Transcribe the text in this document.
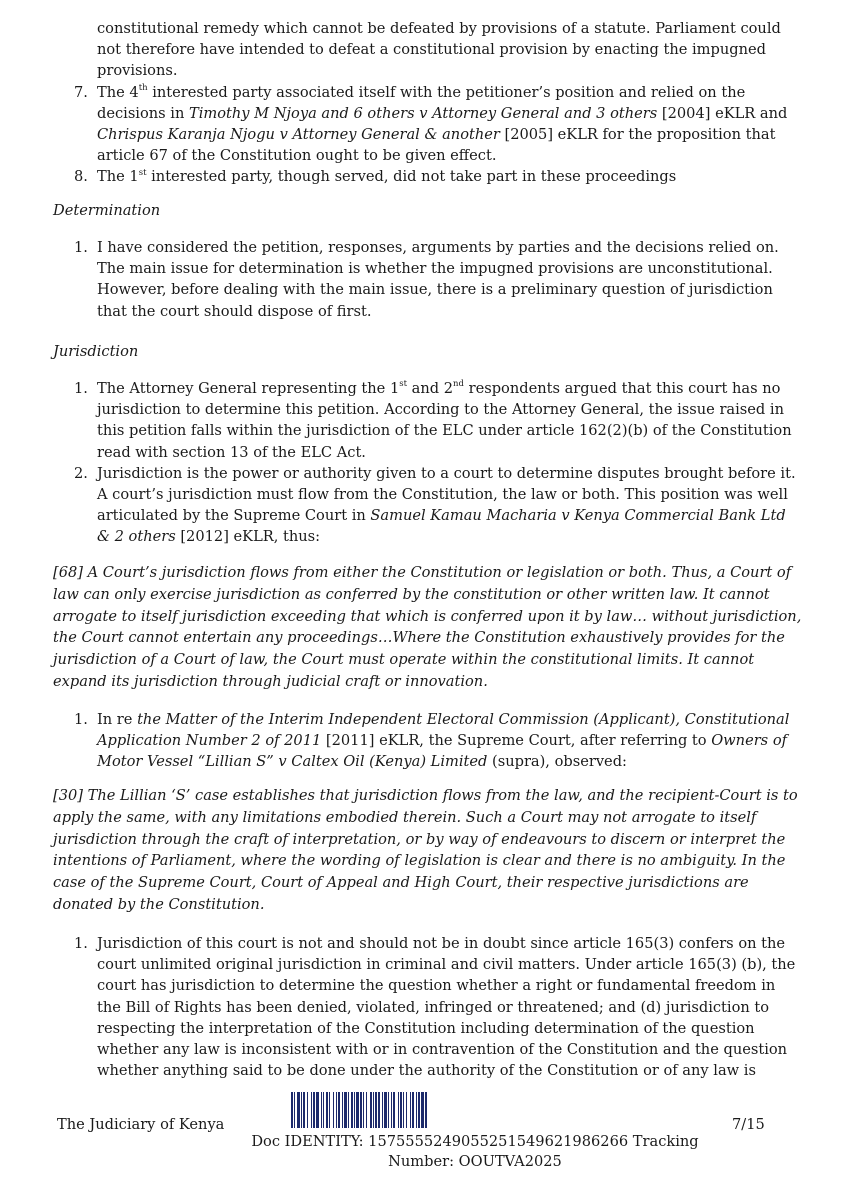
constitutional remedy which cannot be defeated by provisions of a statute. Parliament could not therefore have intended to defeat a constitutional provision by enacting the impugned provisions.
7. The 4th interested party associated itself with the petitioner’s position and relied on the decisions in Timothy M Njoya and 6 others v Attorney General and 3 others [2004] eKLR and Chrispus Karanja Njogu v Attorney General & another [2005] eKLR for the proposition that article 67 of the Constitution ought to be given effect.
8. The 1st interested party, though served, did not take part in these proceedings
Determination
1. I have considered the petition, responses, arguments by parties and the decisions relied on. The main issue for determination is whether the impugned provisions are unconstitutional. However, before dealing with the main issue, there is a preliminary question of jurisdiction that the court should dispose of first.
Jurisdiction
1. The Attorney General representing the 1st and 2nd respondents argued that this court has no jurisdiction to determine this petition. According to the Attorney General, the issue raised in this petition falls within the jurisdiction of the ELC under article 162(2)(b) of the Constitution read with section 13 of the ELC Act.
2. Jurisdiction is the power or authority given to a court to determine disputes brought before it. A court’s jurisdiction must flow from the Constitution, the law or both. This position was well articulated by the Supreme Court in Samuel Kamau Macharia v Kenya Commercial Bank Ltd & 2 others [2012] eKLR, thus:

[68] A Court’s jurisdiction flows from either the Constitution or legislation or both. Thus, a Court of law can only exercise jurisdiction as conferred by the constitution or other written law. It cannot arrogate to itself jurisdiction exceeding that which is conferred upon it by law… without jurisdiction, the Court cannot entertain any proceedings…Where the Constitution exhaustively provides for the jurisdiction of a Court of law, the Court must operate within the constitutional limits. It cannot expand its jurisdiction through judicial craft or innovation.

1. In re the Matter of the Interim Independent Electoral Commission (Applicant), Constitutional Application Number 2 of 2011 [2011] eKLR, the Supreme Court, after referring to Owners of Motor Vessel “Lillian S” v Caltex Oil (Kenya) Limited (supra), observed:

[30] The Lillian ‘S’ case establishes that jurisdiction flows from the law, and the recipient-Court is to apply the same, with any limitations embodied therein. Such a Court may not arrogate to itself jurisdiction through the craft of interpretation, or by way of endeavours to discern or interpret the intentions of Parliament, where the wording of legislation is clear and there is no ambiguity. In the case of the Supreme Court, Court of Appeal and High Court, their respective jurisdictions are donated by the Constitution.

1. Jurisdiction of this court is not and should not be in doubt since article 165(3) confers on the court unlimited original jurisdiction in criminal and civil matters. Under article 165(3) (b), the court has jurisdiction to determine the question whether a right or fundamental freedom in the Bill of Rights has been denied, violated, infringed or threatened; and (d) jurisdiction to respecting the interpretation of the Constitution including determination of the question whether any law is inconsistent with or in contravention of the Constitution and the question whether anything said to be done under the authority of the Constitution or of any law is
The Judiciary of Kenya	7/15
Doc IDENTITY: 1575555249055251549621986266 Tracking Number: OOUTVA2025
